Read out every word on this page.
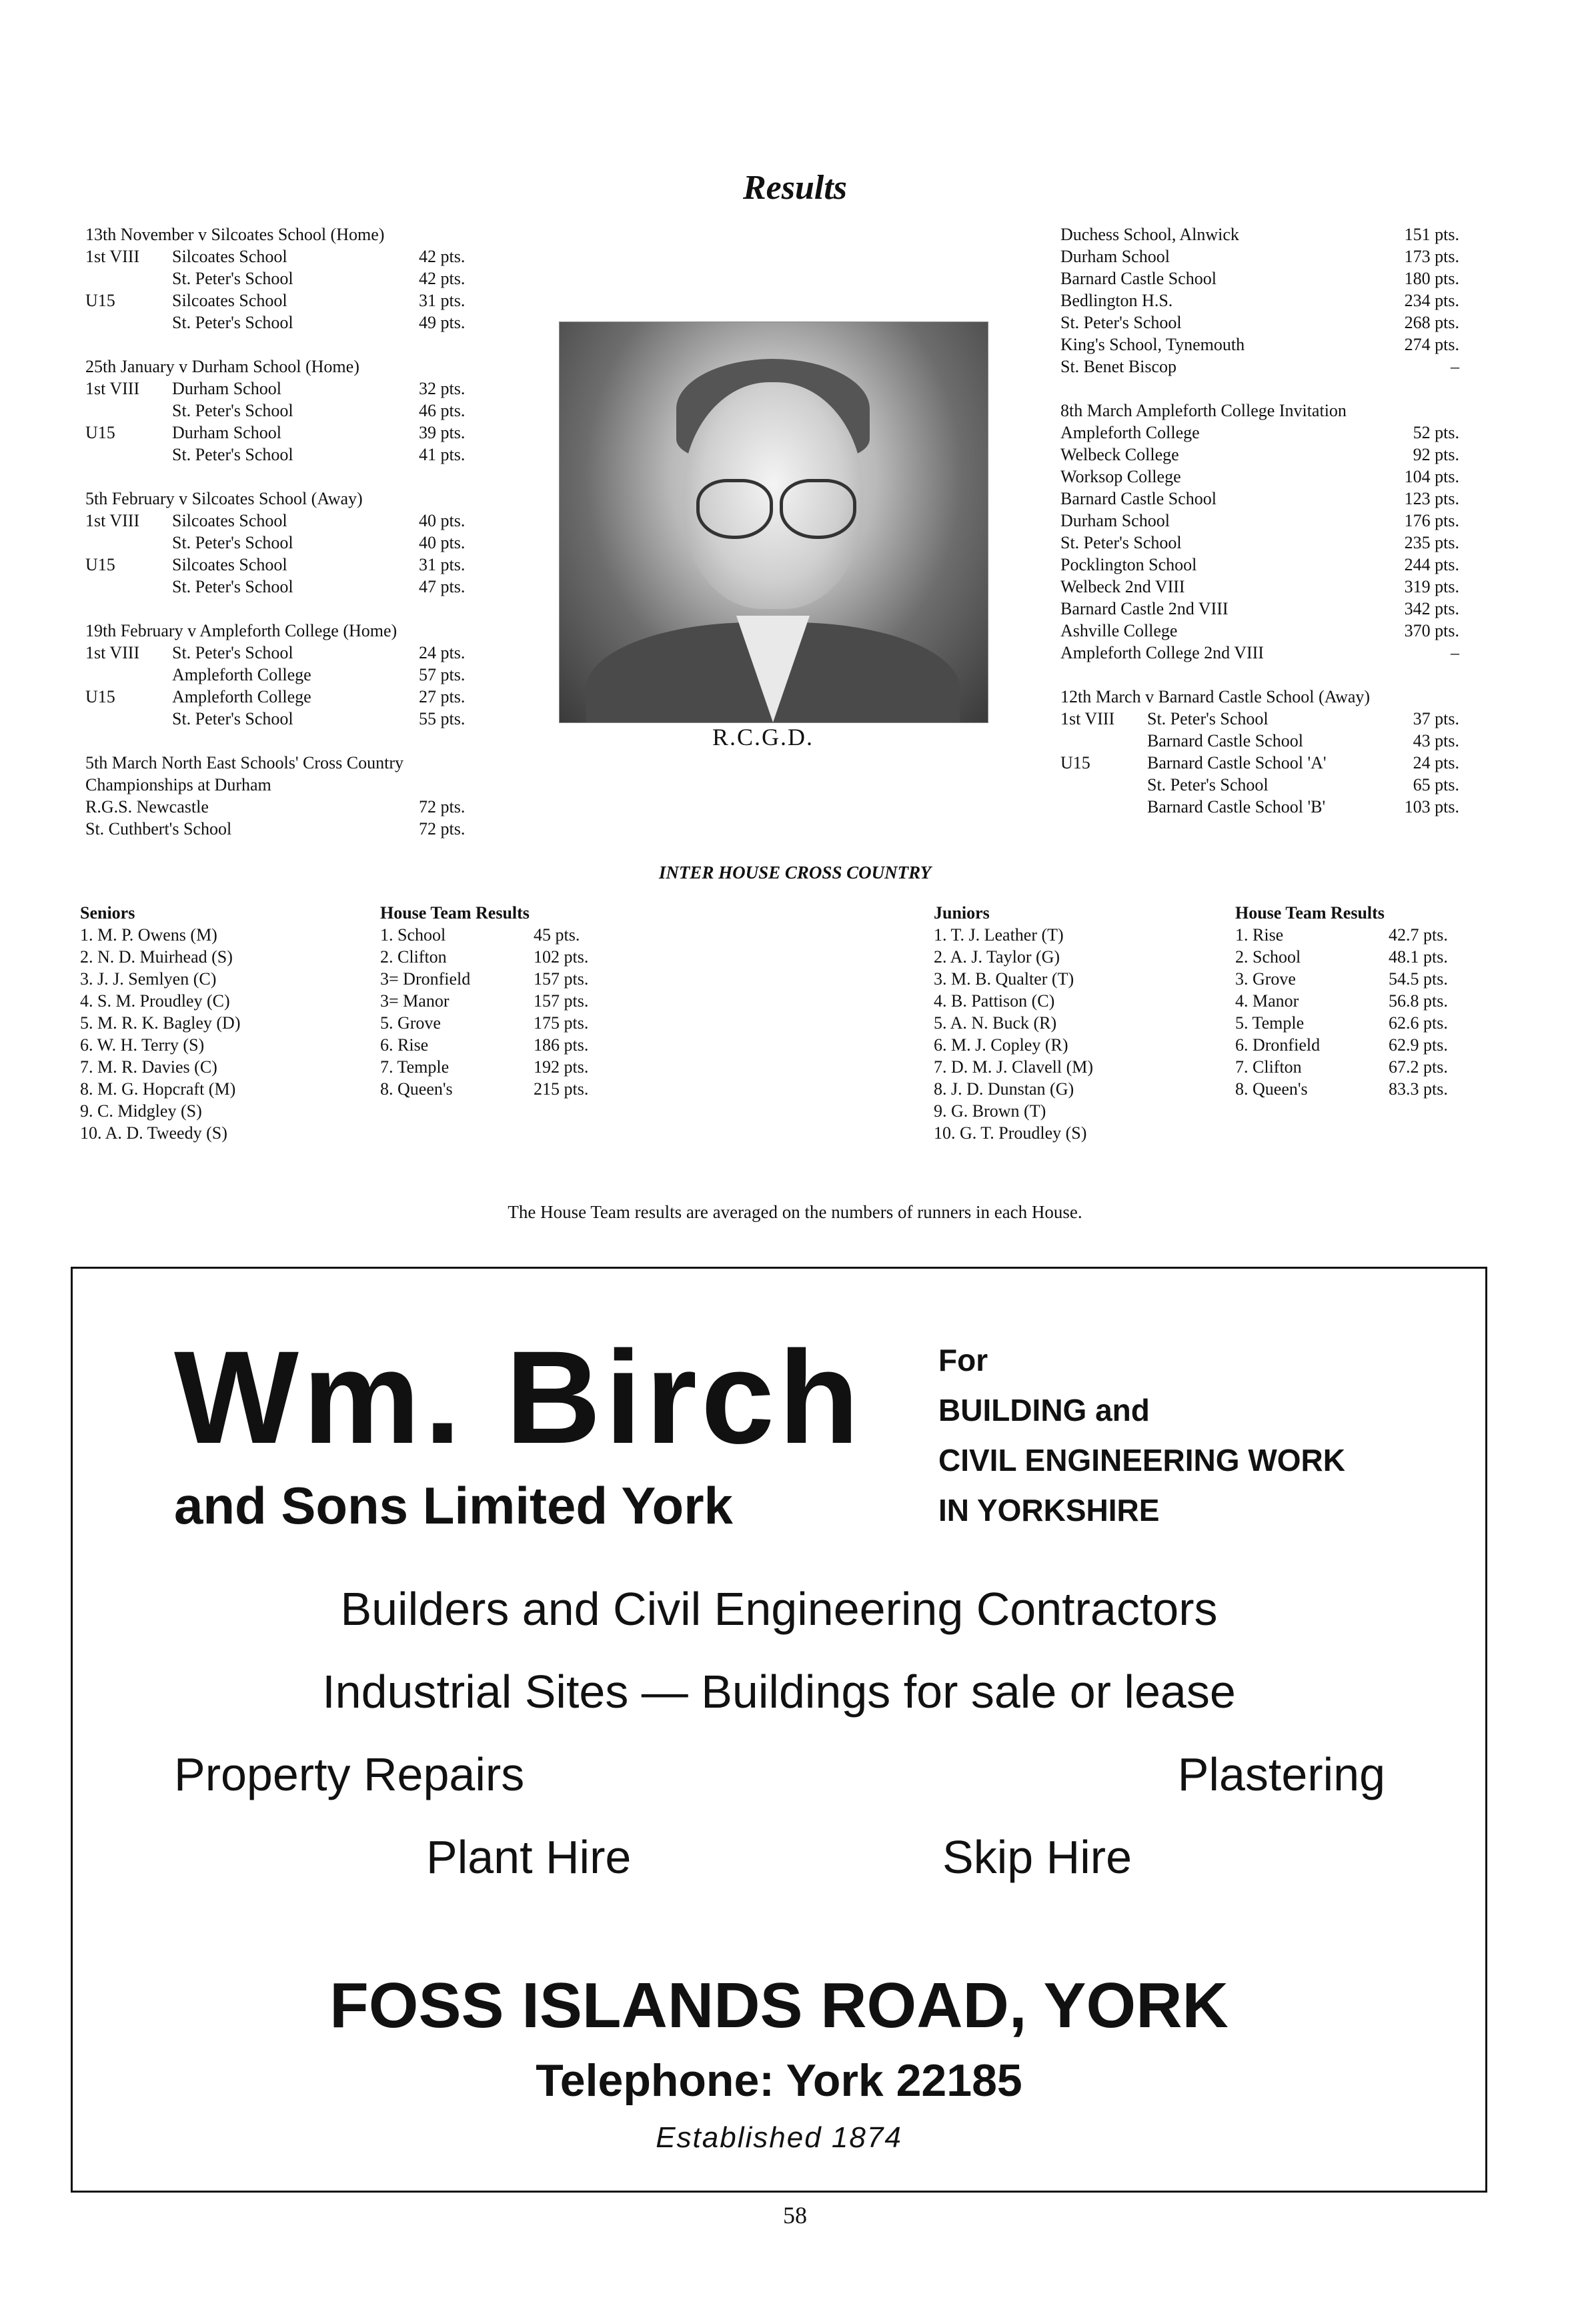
Results
13th November v Silcoates School (Home)
1st VIII Silcoates School	42 pts.
St. Peter's School	42 pts.
U15	Silcoates School	31 pts.
St. Peter's School	49 pts.
25th January v Durham School (Home)
1st VIII Durham School	32 pts.
St. Peter's School	46 pts.
U15	Durham School	39 pts.
St. Peter's School	41 pts.
5th February v Silcoates School (Away)
1st VIII Silcoates School	40 pts.
St. Peter's School	40 pts.
U15	Silcoates School	31 pts.
St. Peter's School	47 pts.
19th February v Ampleforth College (Home)
1st VIII St. Peter's School	24 pts.
Ampleforth College	57 pts.
U15	Ampleforth College	27 pts.
St. Peter's School	55 pts.
5th March North East Schools' Cross Country
Championships at Durham
R.G.S. Newcastle	72 pts.
St. Cuthbert's School	72 pts.
R.C.G.D.
Duchess School, Alnwick	151 pts.
Durham School	173 pts.
Barnard Castle School	180 pts.
Bedlington H.S.	234 pts.
St. Peter's School	268 pts.
King's School, Tynemouth	274 pts.
St. Benet Biscop	–
8th March Ampleforth College Invitation
Ampleforth College	52 pts.
Welbeck College	92 pts.
Worksop College	104 pts.
Barnard Castle School	123 pts.
Durham School	176 pts.
St. Peter's School	235 pts.
Pocklington School	244 pts.
Welbeck 2nd VIII	319 pts.
Barnard Castle 2nd VIII	342 pts.
Ashville College	370 pts.
Ampleforth College 2nd VIII	–
12th March v Barnard Castle School (Away)
1st VIII St. Peter's School	37 pts.
Barnard Castle School	43 pts.
U15	Barnard Castle School 'A'	24 pts.
St. Peter's School	65 pts.
Barnard Castle School 'B'	103 pts.
INTER HOUSE CROSS COUNTRY
Seniors
1. M. P. Owens (M)
2. N. D. Muirhead (S)
3. J. J. Semlyen (C)
4. S. M. Proudley (C)
5. M. R. K. Bagley (D)
6. W. H. Terry (S)
7. M. R. Davies (C)
8. M. G. Hopcraft (M)
9. C. Midgley (S)
10. A. D. Tweedy (S)
House Team Results
1. School	45 pts.
2. Clifton	102 pts.
3= Dronfield	157 pts.
3= Manor	157 pts.
5. Grove	175 pts.
6. Rise	186 pts.
7. Temple	192 pts.
8. Queen's	215 pts.
Juniors
1. T. J. Leather (T)
2. A. J. Taylor (G)
3. M. B. Qualter (T)
4. B. Pattison (C)
5. A. N. Buck (R)
6. M. J. Copley (R)
7. D. M. J. Clavell (M)
8. J. D. Dunstan (G)
9. G. Brown (T)
10. G. T. Proudley (S)
House Team Results
1. Rise	42.7 pts.
2. School	48.1 pts.
3. Grove	54.5 pts.
4. Manor	56.8 pts.
5. Temple	62.6 pts.
6. Dronfield	62.9 pts.
7. Clifton	67.2 pts.
8. Queen's	83.3 pts.
The House Team results are averaged on the numbers of runners in each House.
Wm. Birch
and Sons Limited York
For
BUILDING and
CIVIL ENGINEERING WORK
IN YORKSHIRE
Builders and Civil Engineering Contractors
Industrial Sites — Buildings for sale or lease
Property Repairs	Plastering
Plant Hire	Skip Hire
FOSS ISLANDS ROAD, YORK
Telephone: York 22185
Established 1874
58
